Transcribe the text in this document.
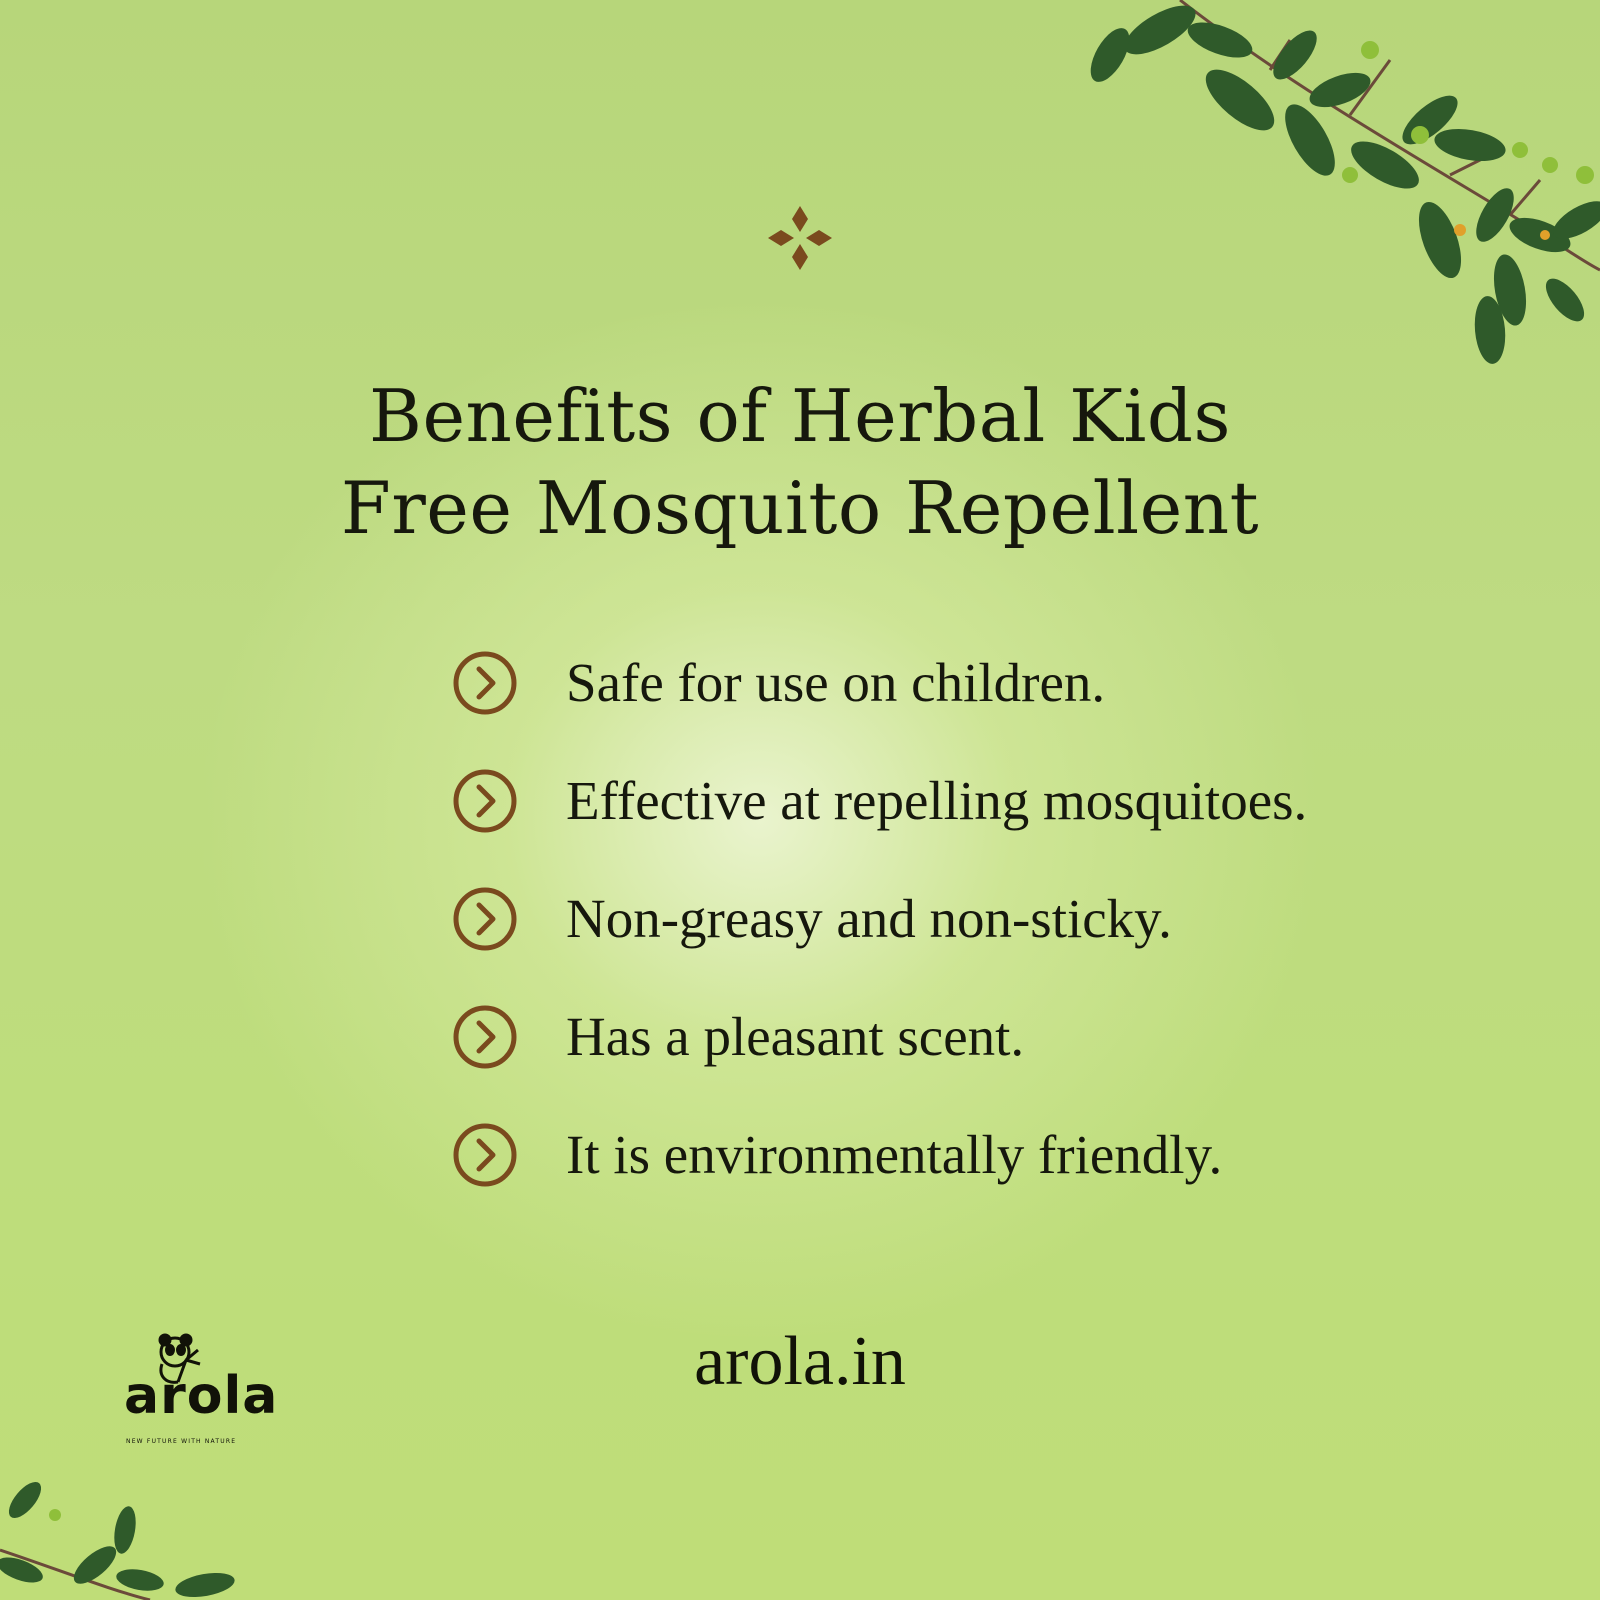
Benefits of Herbal Kids
Free Mosquito Repellent
Safe for use on children.
Effective at repelling mosquitoes.
Non-greasy and non-sticky.
Has a pleasant scent.
It is environmentally friendly.
arola
NEW FUTURE WITH NATURE
arola.in
